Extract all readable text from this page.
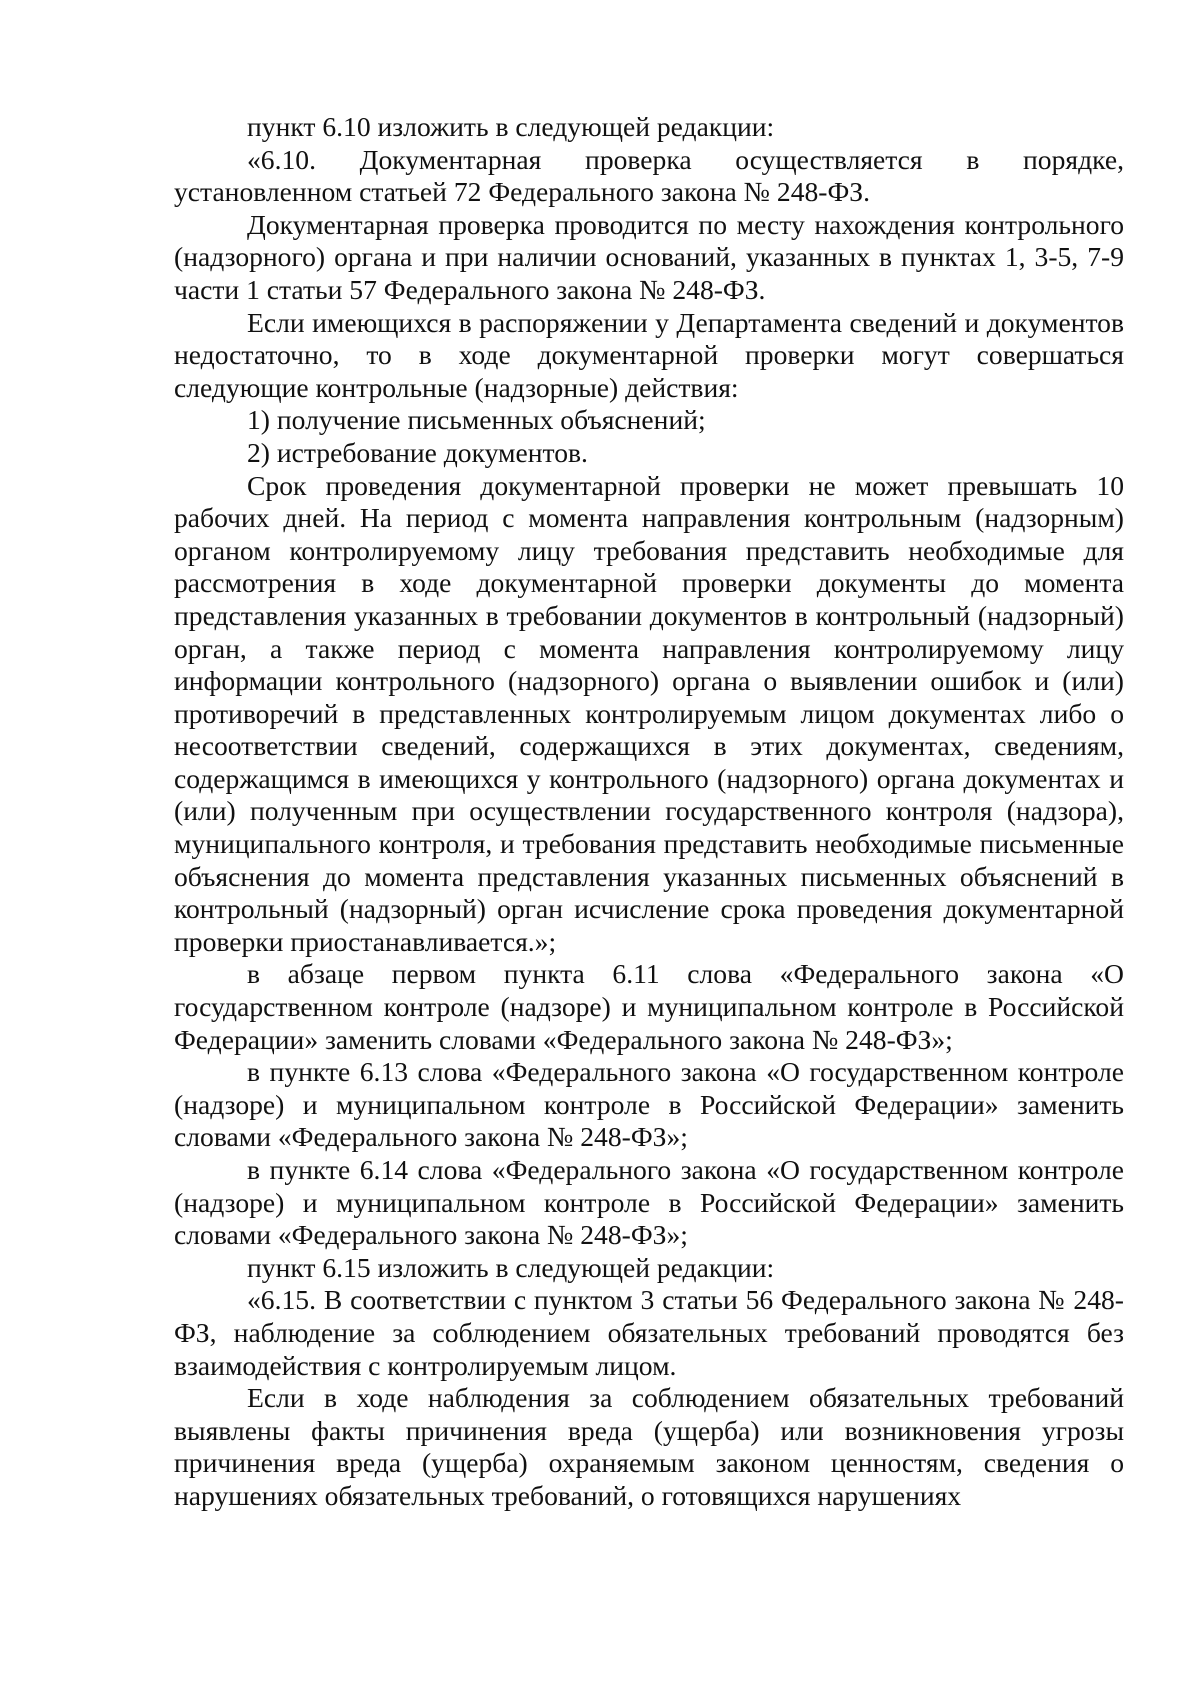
пункт 6.10 изложить в следующей редакции:

«6.10. Документарная проверка осуществляется в порядке, установленном статьей 72 Федерального закона № 248-ФЗ.

Документарная проверка проводится по месту нахождения контрольного (надзорного) органа и при наличии оснований, указанных в пунктах 1, 3-5, 7-9 части 1 статьи 57 Федерального закона № 248-ФЗ.

Если имеющихся в распоряжении у Департамента сведений и документов недостаточно, то в ходе документарной проверки могут совершаться следующие контрольные (надзорные) действия:

1) получение письменных объяснений;

2) истребование документов.

Срок проведения документарной проверки не может превышать 10 рабочих дней. На период с момента направления контрольным (надзорным) органом контролируемому лицу требования представить необходимые для рассмотрения в ходе документарной проверки документы до момента представления указанных в требовании документов в контрольный (надзорный) орган, а также период с момента направления контролируемому лицу информации контрольного (надзорного) органа о выявлении ошибок и (или) противоречий в представленных контролируемым лицом документах либо о несоответствии сведений, содержащихся в этих документах, сведениям, содержащимся в имеющихся у контрольного (надзорного) органа документах и (или) полученным при осуществлении государственного контроля (надзора), муниципального контроля, и требования представить необходимые письменные объяснения до момента представления указанных письменных объяснений в контрольный (надзорный) орган исчисление срока проведения документарной проверки приостанавливается.»;

в абзаце первом пункта 6.11 слова «Федерального закона «О государственном контроле (надзоре) и муниципальном контроле в Российской Федерации» заменить словами «Федерального закона № 248-ФЗ»;

в пункте 6.13 слова «Федерального закона «О государственном контроле (надзоре) и муниципальном контроле в Российской Федерации» заменить словами «Федерального закона № 248-ФЗ»;

в пункте 6.14 слова «Федерального закона «О государственном контроле (надзоре) и муниципальном контроле в Российской Федерации» заменить словами «Федерального закона № 248-ФЗ»;

пункт 6.15 изложить в следующей редакции:

«6.15. В соответствии с пунктом 3 статьи 56 Федерального закона № 248-ФЗ, наблюдение за соблюдением обязательных требований проводятся без взаимодействия с контролируемым лицом.

Если в ходе наблюдения за соблюдением обязательных требований выявлены факты причинения вреда (ущерба) или возникновения угрозы причинения вреда (ущерба) охраняемым законом ценностям, сведения о нарушениях обязательных требований, о готовящихся нарушениях
